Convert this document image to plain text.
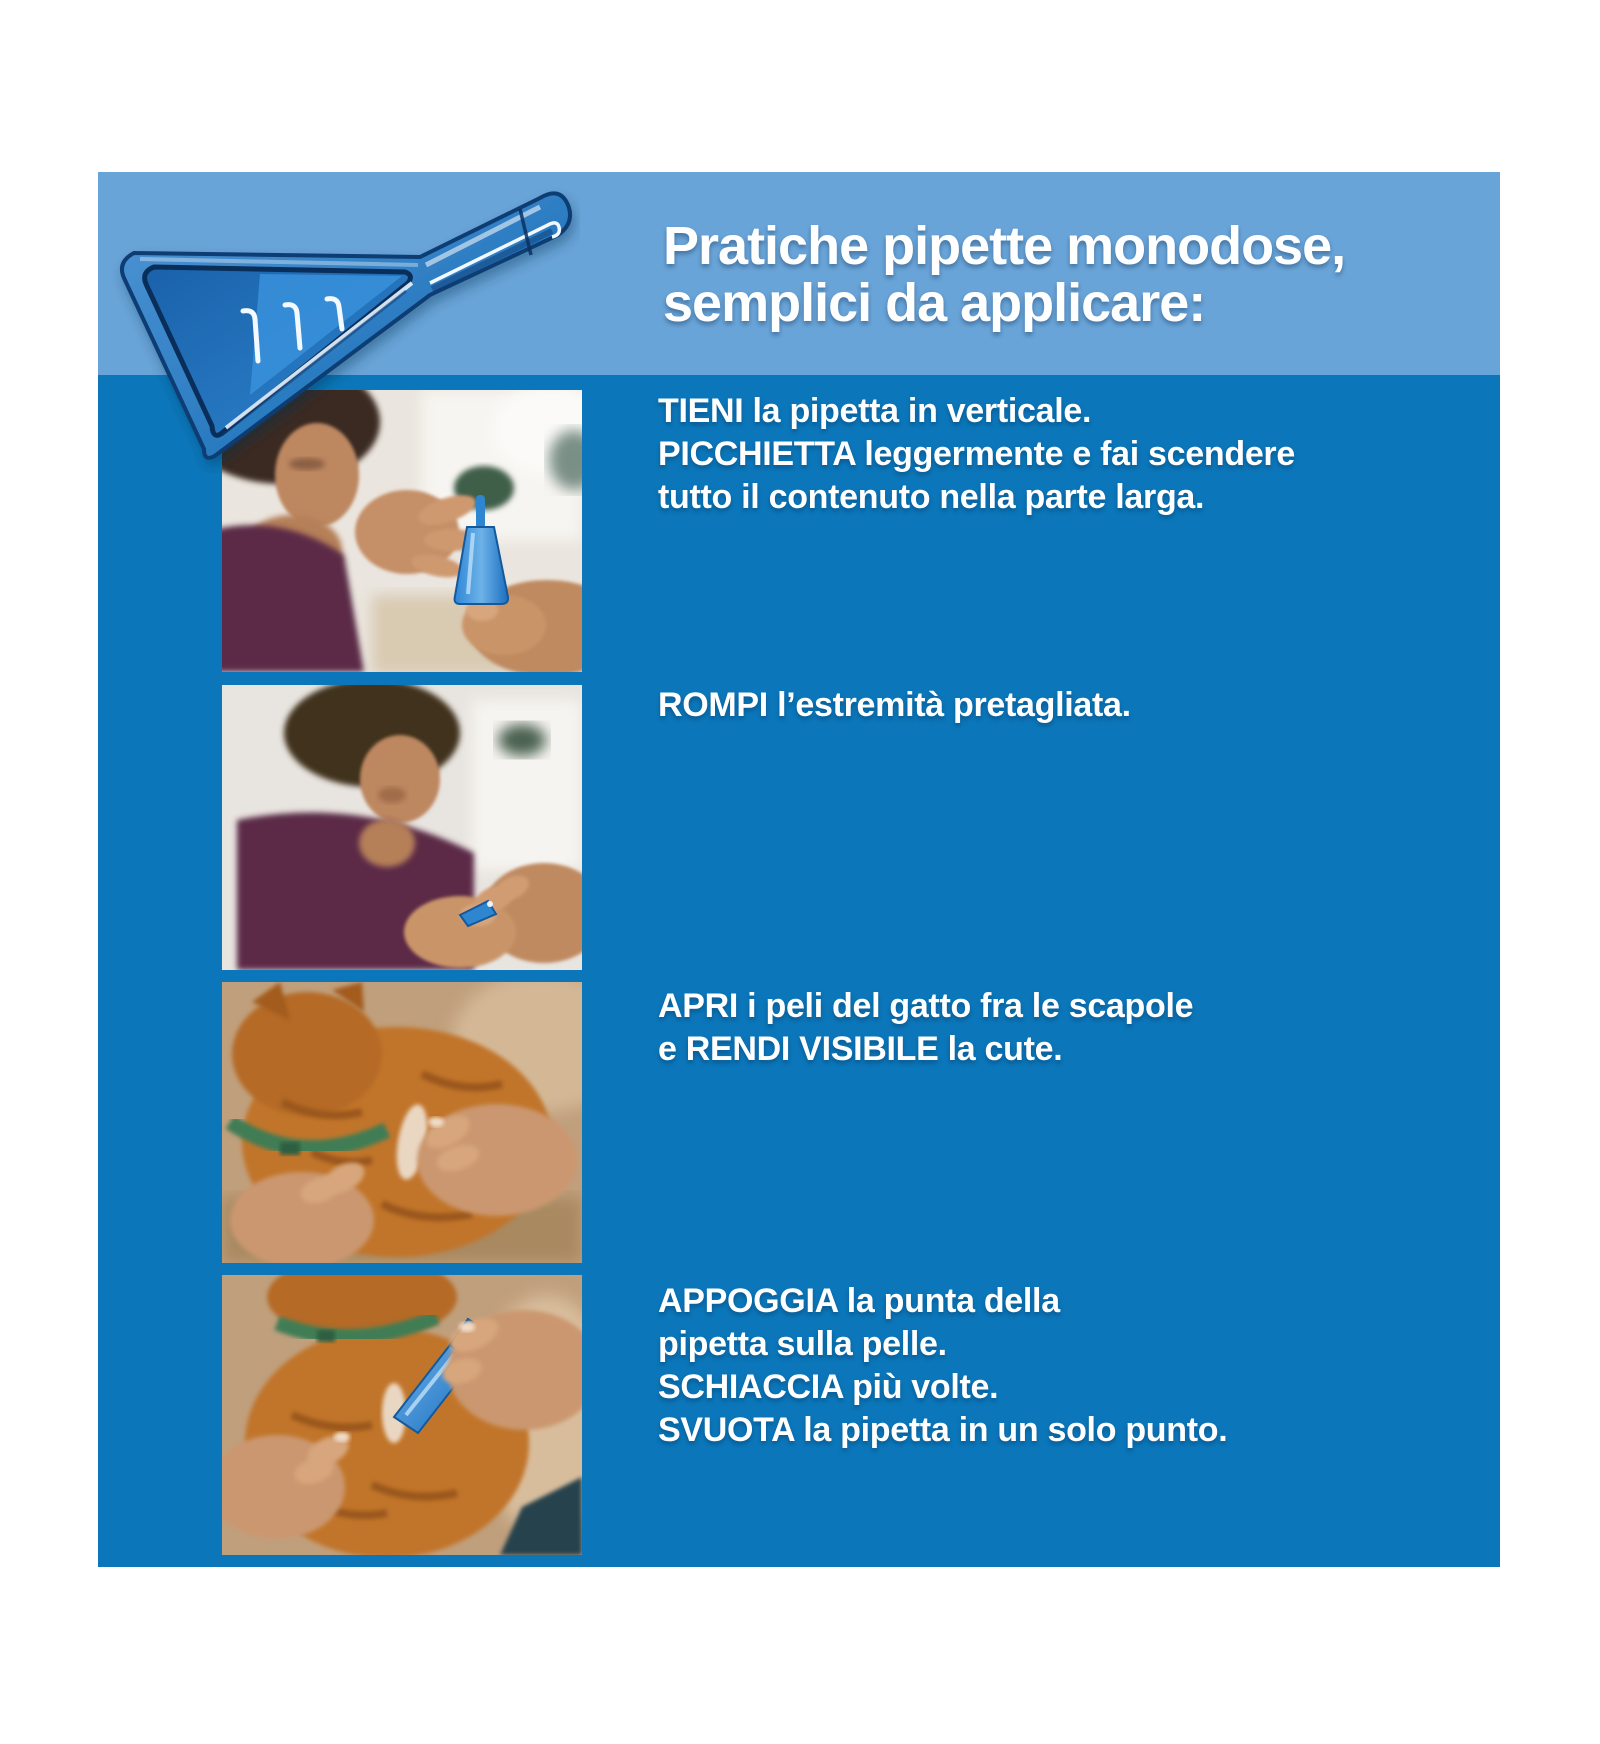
Pratiche pipette monodose,
semplici da applicare:
TIENI la pipetta in verticale.
PICCHIETTA leggermente e fai scendere
tutto il contenuto nella parte larga.
ROMPI l’estremità pretagliata.
APRI i peli del gatto fra le scapole
e RENDI VISIBILE la cute.
APPOGGIA la punta della
pipetta sulla pelle.
SCHIACCIA più volte.
SVUOTA la pipetta in un solo punto.
